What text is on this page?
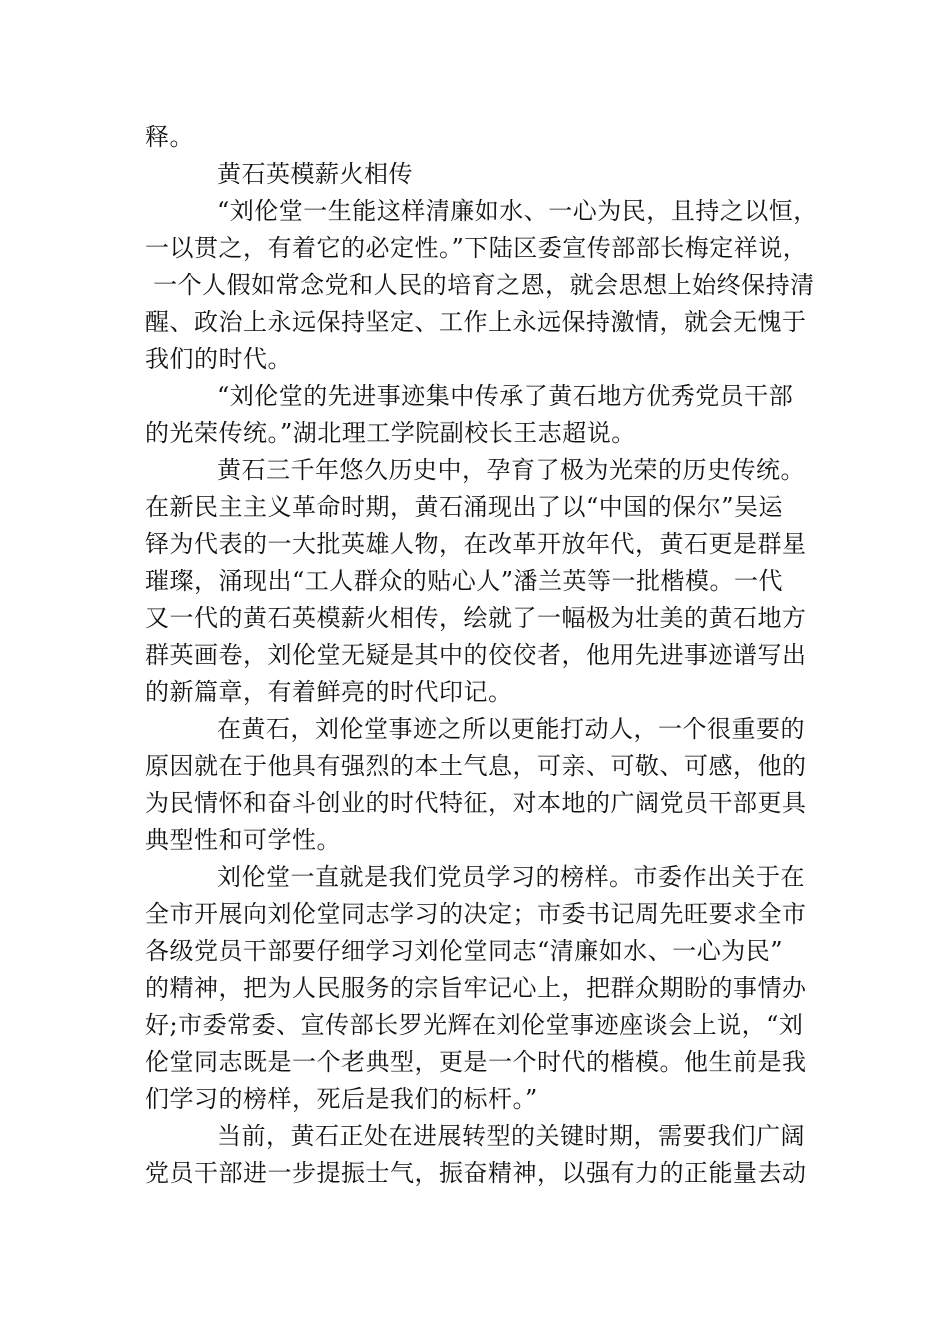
释。
黄石英模薪火相传
“刘伦堂一生能这样清廉如水、一心为民，且持之以恒，
一以贯之，有着它的必定性。”下陆区委宣传部部长梅定祥说，
一个人假如常念党和人民的培育之恩，就会思想上始终保持清
醒、政治上永远保持坚定、工作上永远保持激情，就会无愧于
我们的时代。
“刘伦堂的先进事迹集中传承了黄石地方优秀党员干部
的光荣传统。”湖北理工学院副校长王志超说。
黄石三千年悠久历史中，孕育了极为光荣的历史传统。
在新民主主义革命时期，黄石涌现出了以“中国的保尔”吴运
铎为代表的一大批英雄人物，在改革开放年代，黄石更是群星
璀璨，涌现出“工人群众的贴心人”潘兰英等一批楷模。一代
又一代的黄石英模薪火相传，绘就了一幅极为壮美的黄石地方
群英画卷，刘伦堂无疑是其中的佼佼者，他用先进事迹谱写出
的新篇章，有着鲜亮的时代印记。
在黄石，刘伦堂事迹之所以更能打动人，一个很重要的
原因就在于他具有强烈的本土气息，可亲、可敬、可感，他的
为民情怀和奋斗创业的时代特征，对本地的广阔党员干部更具
典型性和可学性。
刘伦堂一直就是我们党员学习的榜样。市委作出关于在
全市开展向刘伦堂同志学习的决定；市委书记周先旺要求全市
各级党员干部要仔细学习刘伦堂同志“清廉如水、一心为民”
的精神，把为人民服务的宗旨牢记心上，把群众期盼的事情办
好;市委常委、宣传部长罗光辉在刘伦堂事迹座谈会上说，“刘
伦堂同志既是一个老典型，更是一个时代的楷模。他生前是我
们学习的榜样，死后是我们的标杆。”
当前，黄石正处在进展转型的关键时期，需要我们广阔
党员干部进一步提振士气，振奋精神，以强有力的正能量去动
